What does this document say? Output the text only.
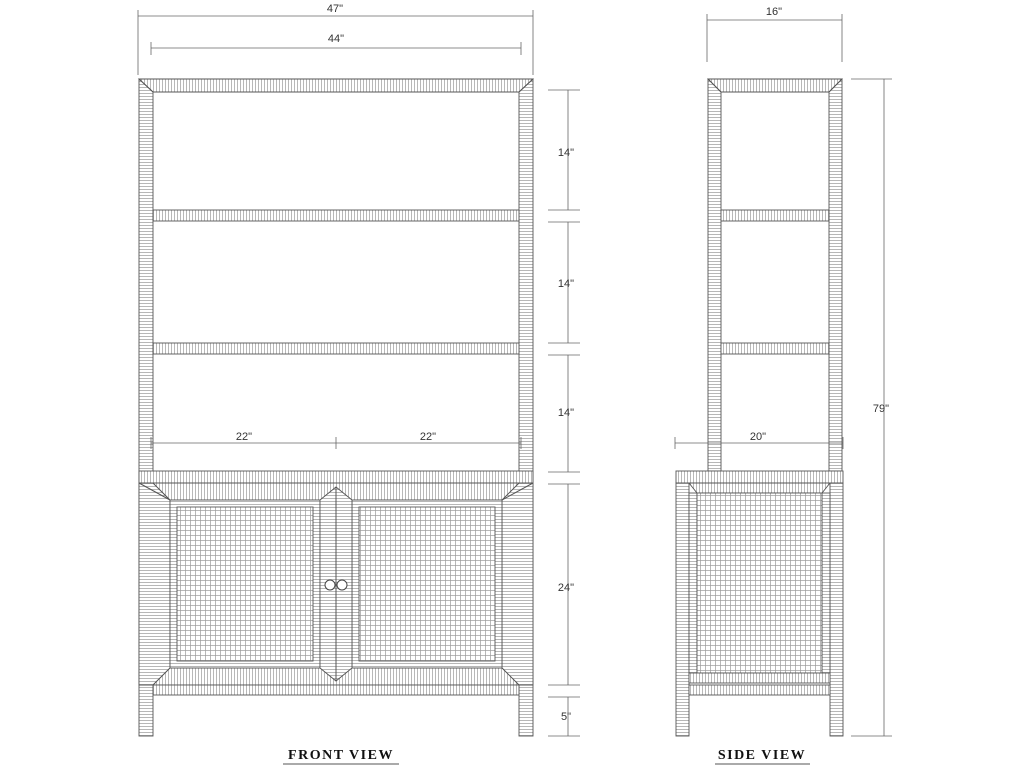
47"
44"
22"	22"
14"
14"
14"
24"
5"
FRONT VIEW
16"
20"
79"
SIDE VIEW
